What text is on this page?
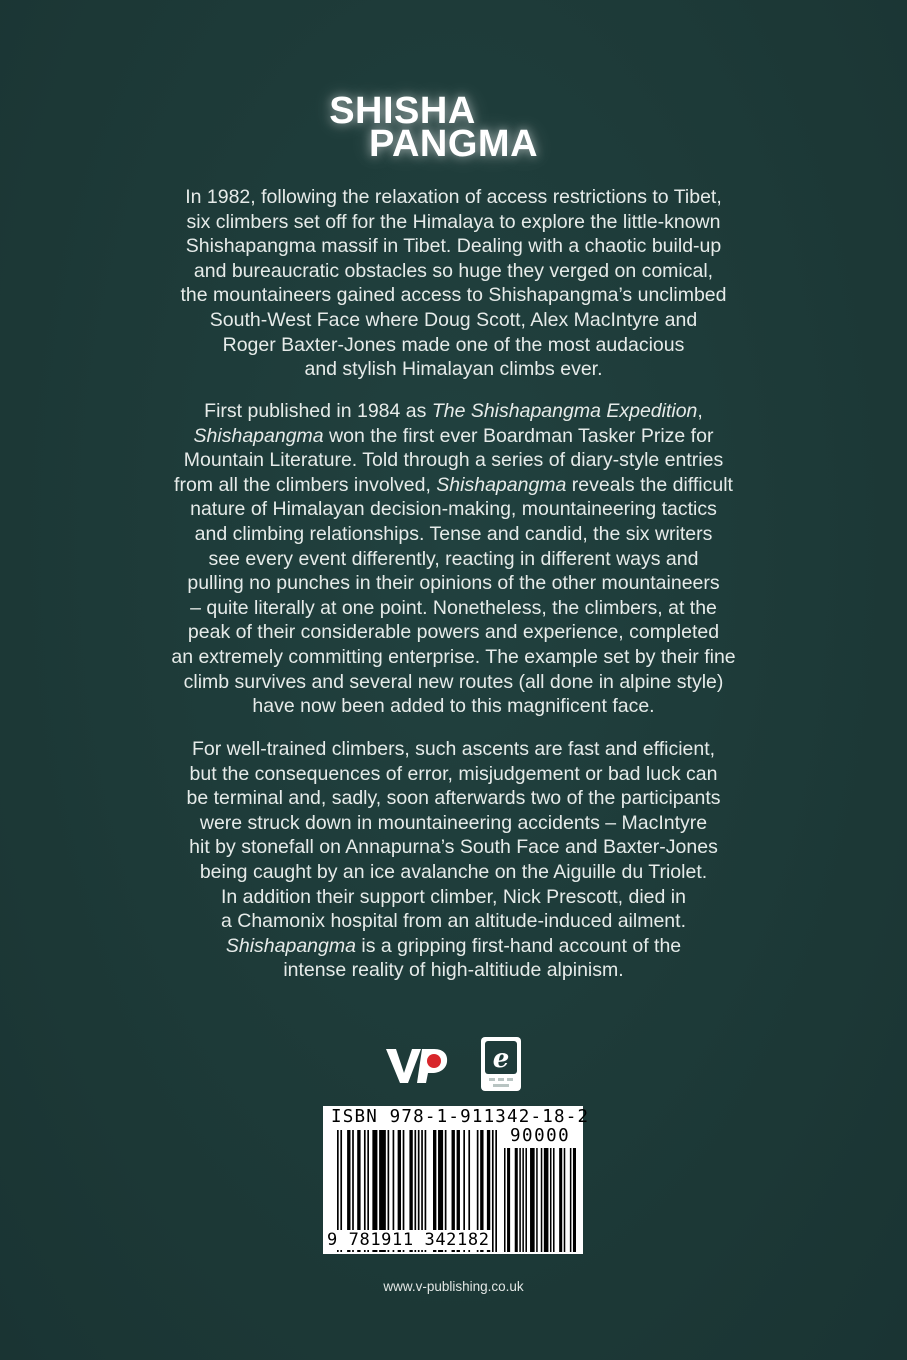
SHISHA
PANGMA
In 1982, following the relaxation of access restrictions to Tibet,
six climbers set off for the Himalaya to explore the little-known
Shishapangma massif in Tibet. Dealing with a chaotic build-up
and bureaucratic obstacles so huge they verged on comical,
the mountaineers gained access to Shishapangma’s unclimbed
South-West Face where Doug Scott, Alex MacIntyre and
Roger Baxter-Jones made one of the most audacious
and stylish Himalayan climbs ever.
First published in 1984 as The Shishapangma Expedition,
Shishapangma won the first ever Boardman Tasker Prize for
Mountain Literature. Told through a series of diary-style entries
from all the climbers involved, Shishapangma reveals the difficult
nature of Himalayan decision-making, mountaineering tactics
and climbing relationships. Tense and candid, the six writers
see every event differently, reacting in different ways and
pulling no punches in their opinions of the other mountaineers
– quite literally at one point. Nonetheless, the climbers, at the
peak of their considerable powers and experience, completed
an extremely committing enterprise. The example set by their fine
climb survives and several new routes (all done in alpine style)
have now been added to this magnificent face.
For well-trained climbers, such ascents are fast and efficient,
but the consequences of error, misjudgement or bad luck can
be terminal and, sadly, soon afterwards two of the participants
were struck down in mountaineering accidents – MacIntyre
hit by stonefall on Annapurna’s South Face and Baxter-Jones
being caught by an ice avalanche on the Aiguille du Triolet.
In addition their support climber, Nick Prescott, died in
a Chamonix hospital from an altitude-induced ailment.
Shishapangma is a gripping first-hand account of the
intense reality of high-altitiude alpinism.
e
ISBN 978-1-911342-18-2
90000
9 781911 342182
www.v-publishing.co.uk
